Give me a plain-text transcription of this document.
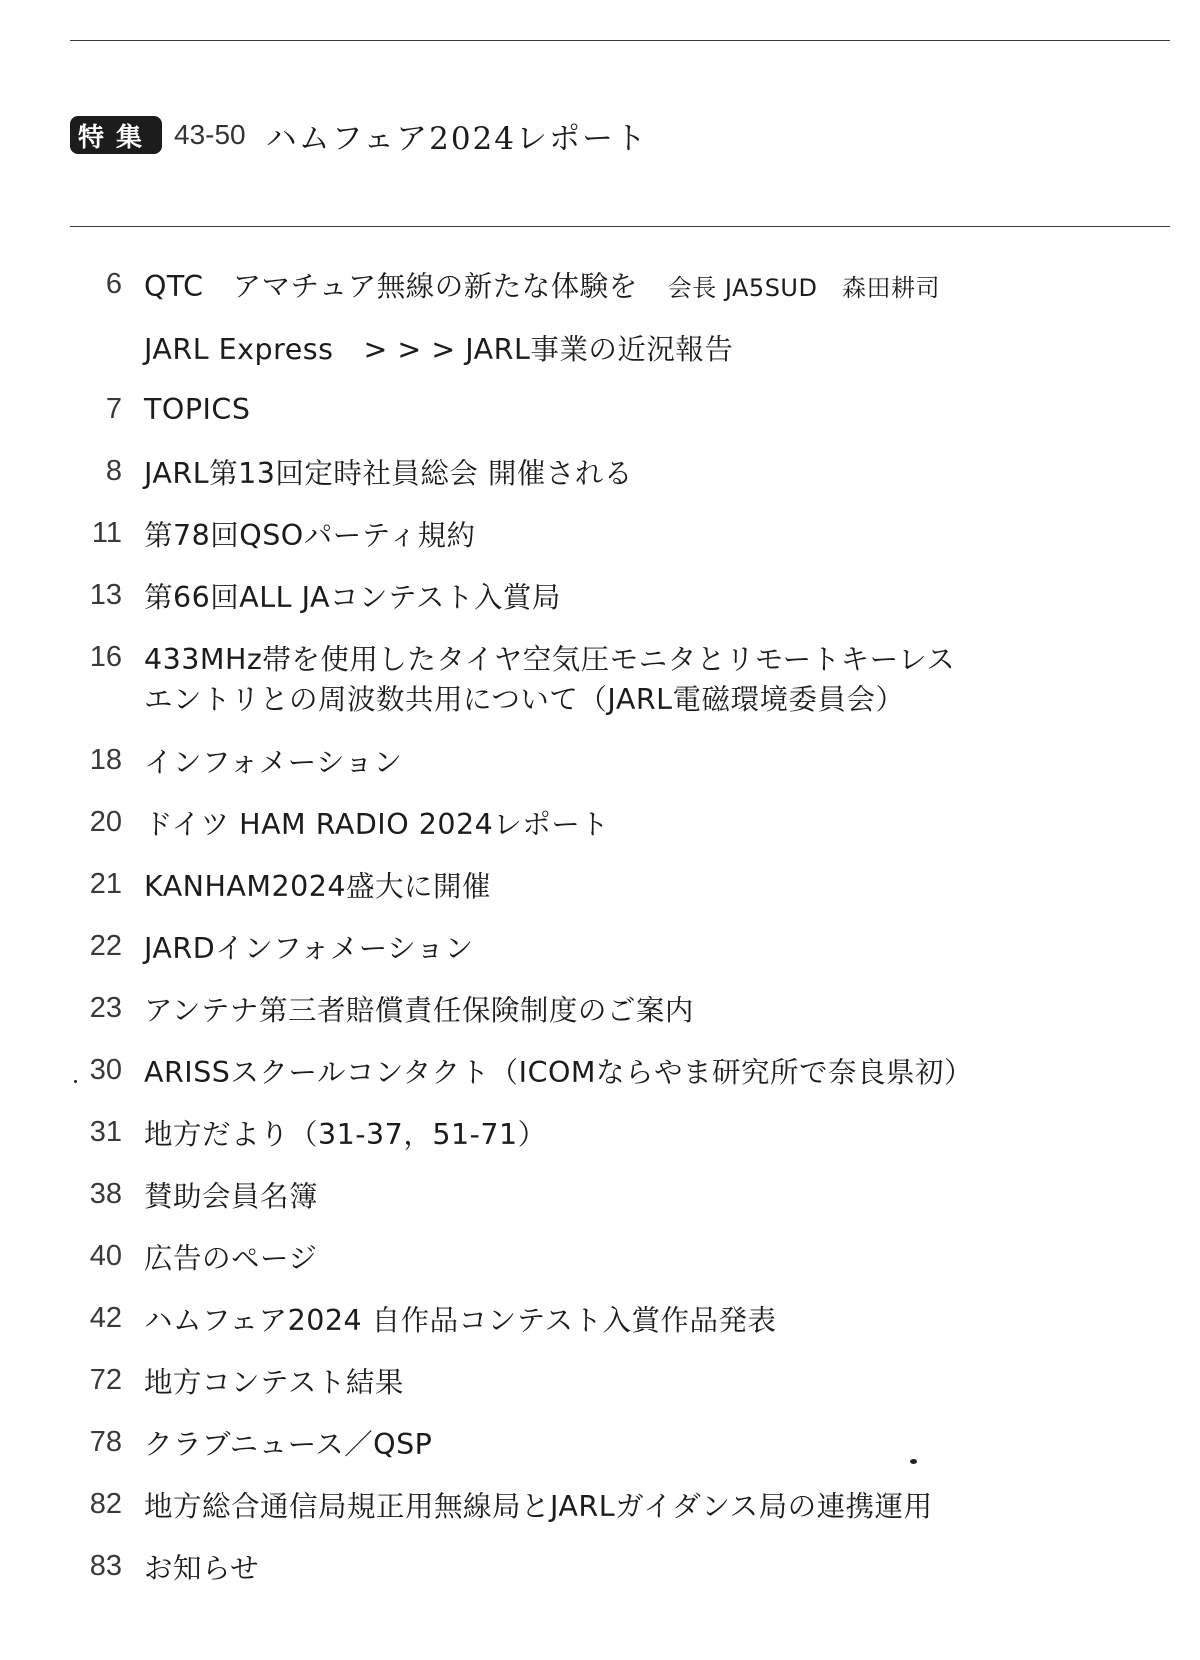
特集 43-50 ハムフェア2024レポート
6 QTC　アマチュア無線の新たな体験を 会長 JA5SUD　森田耕司
JARL Express > > > JARL事業の近況報告
7 TOPICS
8 JARL第13回定時社員総会 開催される
11 第78回QSOパーティ規約
13 第66回ALL JAコンテスト入賞局
16 433MHz帯を使用したタイヤ空気圧モニタとリモートキーレス
エントリとの周波数共用について（JARL電磁環境委員会）
18 インフォメーション
20 ドイツ HAM RADIO 2024レポート
21 KANHAM2024盛大に開催
22 JARDインフォメーション
23 アンテナ第三者賠償責任保険制度のご案内
30 ARISSスクールコンタクト（ICOMならやま研究所で奈良県初）
31 地方だより（31-37，51-71）
38 賛助会員名簿
40 広告のページ
42 ハムフェア2024 自作品コンテスト入賞作品発表
72 地方コンテスト結果
78 クラブニュース／QSP
82 地方総合通信局規正用無線局とJARLガイダンス局の連携運用
83 お知らせ
